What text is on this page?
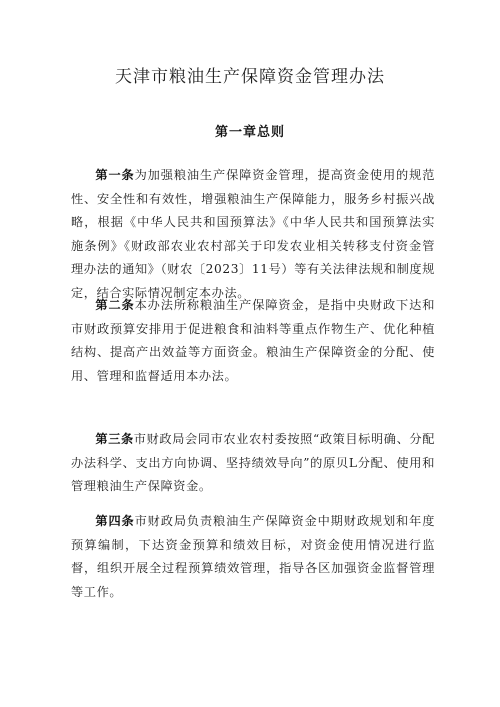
天津市粮油生产保障资金管理办法
第一章总则

第一条为加强粮油生产保障资金管理，提高资金使用的规范性、安全性和有效性，增强粮油生产保障能力，服务乡村振兴战略，根据《中华人民共和国预算法》《中华人民共和国预算法实施条例》《财政部农业农村部关于印发农业相关转移支付资金管理办法的通知》（财农〔2023〕11号）等有关法律法规和制度规定，结合实际情况制定本办法。

第二条本办法所称粮油生产保障资金，是指中央财政下达和市财政预算安排用于促进粮食和油料等重点作物生产、优化种植结构、提高产出效益等方面资金。粮油生产保障资金的分配、使用、管理和监督适用本办法。

第三条市财政局会同市农业农村委按照“政策目标明确、分配办法科学、支出方向协调、坚持绩效导向”的原贝L分配、使用和管理粮油生产保障资金。

第四条市财政局负责粮油生产保障资金中期财政规划和年度预算编制，下达资金预算和绩效目标，对资金使用情况进行监督，组织开展全过程预算绩效管理，指导各区加强资金监督管理等工作。
